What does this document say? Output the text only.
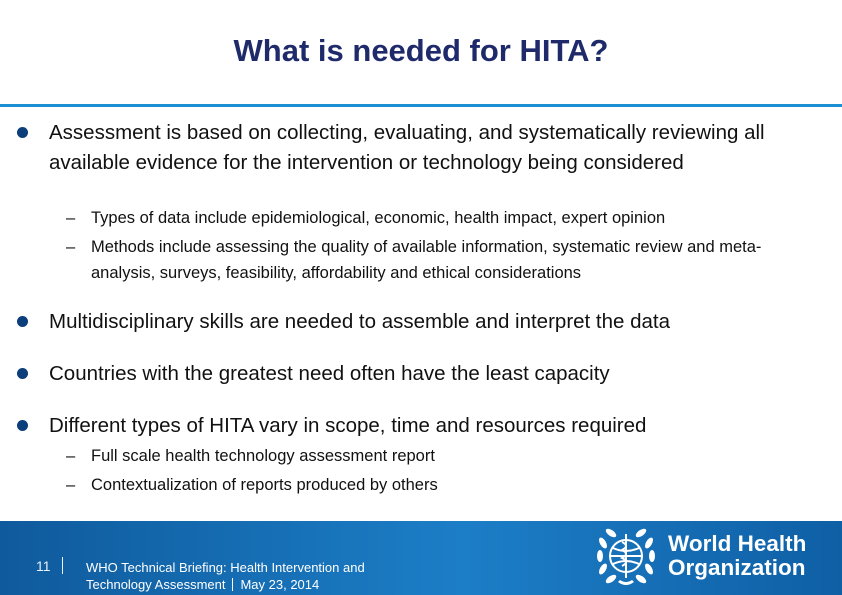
What is needed for HITA?
Assessment is based on collecting, evaluating, and systematically reviewing all available evidence for the intervention or technology being considered
– Types of data include epidemiological, economic, health impact, expert opinion
– Methods include assessing the quality of available information, systematic review and meta-analysis, surveys, feasibility, affordability and ethical considerations
Multidisciplinary skills are needed to assemble and interpret the data
Countries with the greatest need often have the least capacity
Different types of HITA vary in scope, time and resources required
– Full scale health technology assessment report
– Contextualization of reports produced by others
11	WHO Technical Briefing: Health Intervention and
Technology Assessment May 23, 2014
World Health
Organization
